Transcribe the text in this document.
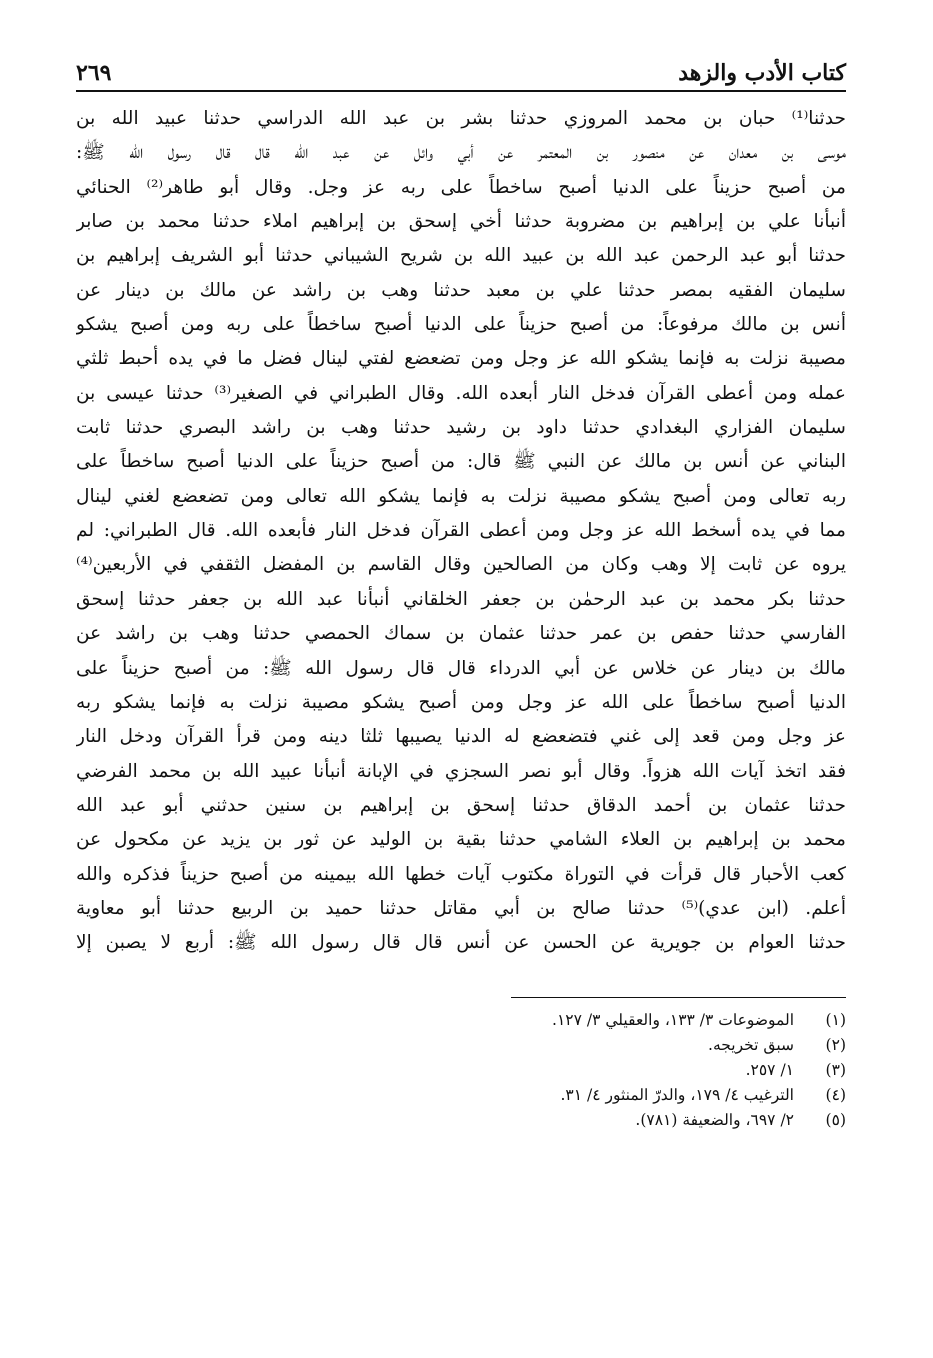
كتاب الأدب والزهد
٢٦٩
حدثنا⁽¹⁾ حبان بن محمد المروزي حدثنا بشر بن عبد الله الدراسي حدثنا عبيد الله بن
موسى بن معدان عن منصور بن المعتمر عن أبي وائل عن عبد الله قال قال رسول الله ﷺ:
من أصبح حزيناً على الدنيا أصبح ساخطاً على ربه عز وجل. وقال أبو طاهر⁽²⁾ الحنائي
أنبأنا علي بن إبراهيم بن مضروبة حدثنا أخي إسحق بن إبراهيم املاء حدثنا محمد بن صابر
حدثنا أبو عبد الرحمن عبد الله بن عبيد الله بن شريح الشيباني حدثنا أبو الشريف إبراهيم بن
سليمان الفقيه بمصر حدثنا علي بن معبد حدثنا وهب بن راشد عن مالك بن دينار عن
أنس بن مالك مرفوعاً: من أصبح حزيناً على الدنيا أصبح ساخطاً على ربه ومن أصبح يشكو
مصيبة نزلت به فإنما يشكو الله عز وجل ومن تضعضع لفتي لينال فضل ما في يده أحبط ثلثي
عمله ومن أعطى القرآن فدخل النار أبعده الله. وقال الطبراني في الصغير⁽³⁾ حدثنا عيسى بن
سليمان الفزاري البغدادي حدثنا داود بن رشيد حدثنا وهب بن راشد البصري حدثنا ثابت
البناني عن أنس بن مالك عن النبي ﷺ قال: من أصبح حزيناً على الدنيا أصبح ساخطاً على
ربه تعالى ومن أصبح يشكو مصيبة نزلت به فإنما يشكو الله تعالى ومن تضعضع لغني لينال
مما في يده أسخط الله عز وجل ومن أعطى القرآن فدخل النار فأبعده الله. قال الطبراني: لم
يروه عن ثابت إلا وهب وكان من الصالحين وقال القاسم بن المفضل الثقفي في الأربعين⁽⁴⁾
حدثنا بكر محمد بن عبد الرحمٰن بن جعفر الخلقاني أنبأنا عبد الله بن جعفر حدثنا إسحق
الفارسي حدثنا حفص بن عمر حدثنا عثمان بن سماك الحمصي حدثنا وهب بن راشد عن
مالك بن دينار عن خلاس عن أبي الدرداء قال قال رسول الله ﷺ: من أصبح حزيناً على
الدنيا أصبح ساخطاً على الله عز وجل ومن أصبح يشكو مصيبة نزلت به فإنما يشكو ربه
عز وجل ومن قعد إلى غني فتضعضع له الدنيا يصيبها ثلثا دينه ومن قرأ القرآن ودخل النار
فقد اتخذ آيات الله هزواً. وقال أبو نصر السجزي في الإبانة أنبأنا عبيد الله بن محمد الفرضي
حدثنا عثمان بن أحمد الدقاق حدثنا إسحق بن إبراهيم بن سنين حدثني أبو عبد الله
محمد بن إبراهيم بن العلاء الشامي حدثنا بقية بن الوليد عن ثور بن يزيد عن مكحول عن
كعب الأحبار قال قرأت في التوراة مكتوب آيات خطها الله بيمينه من أصبح حزيناً فذكره والله
أعلم. (ابن عدي)⁽⁵⁾ حدثنا صالح بن أبي مقاتل حدثنا حميد بن الربيع حدثنا أبو معاوية
حدثنا العوام بن جويرية عن الحسن عن أنس قال قال رسول الله ﷺ: أربع لا يصبن إلا
(١)
الموضوعات ٣/ ١٣٣، والعقيلي ٣/ ١٢٧.
(٢)
سبق تخريجه.
(٣)
١/ ٢٥٧.
(٤)
الترغيب ٤/ ١٧٩، والدرّ المنثور ٤/ ٣١.
(٥)
٢/ ٦٩٧، والضعيفة (٧٨١).
